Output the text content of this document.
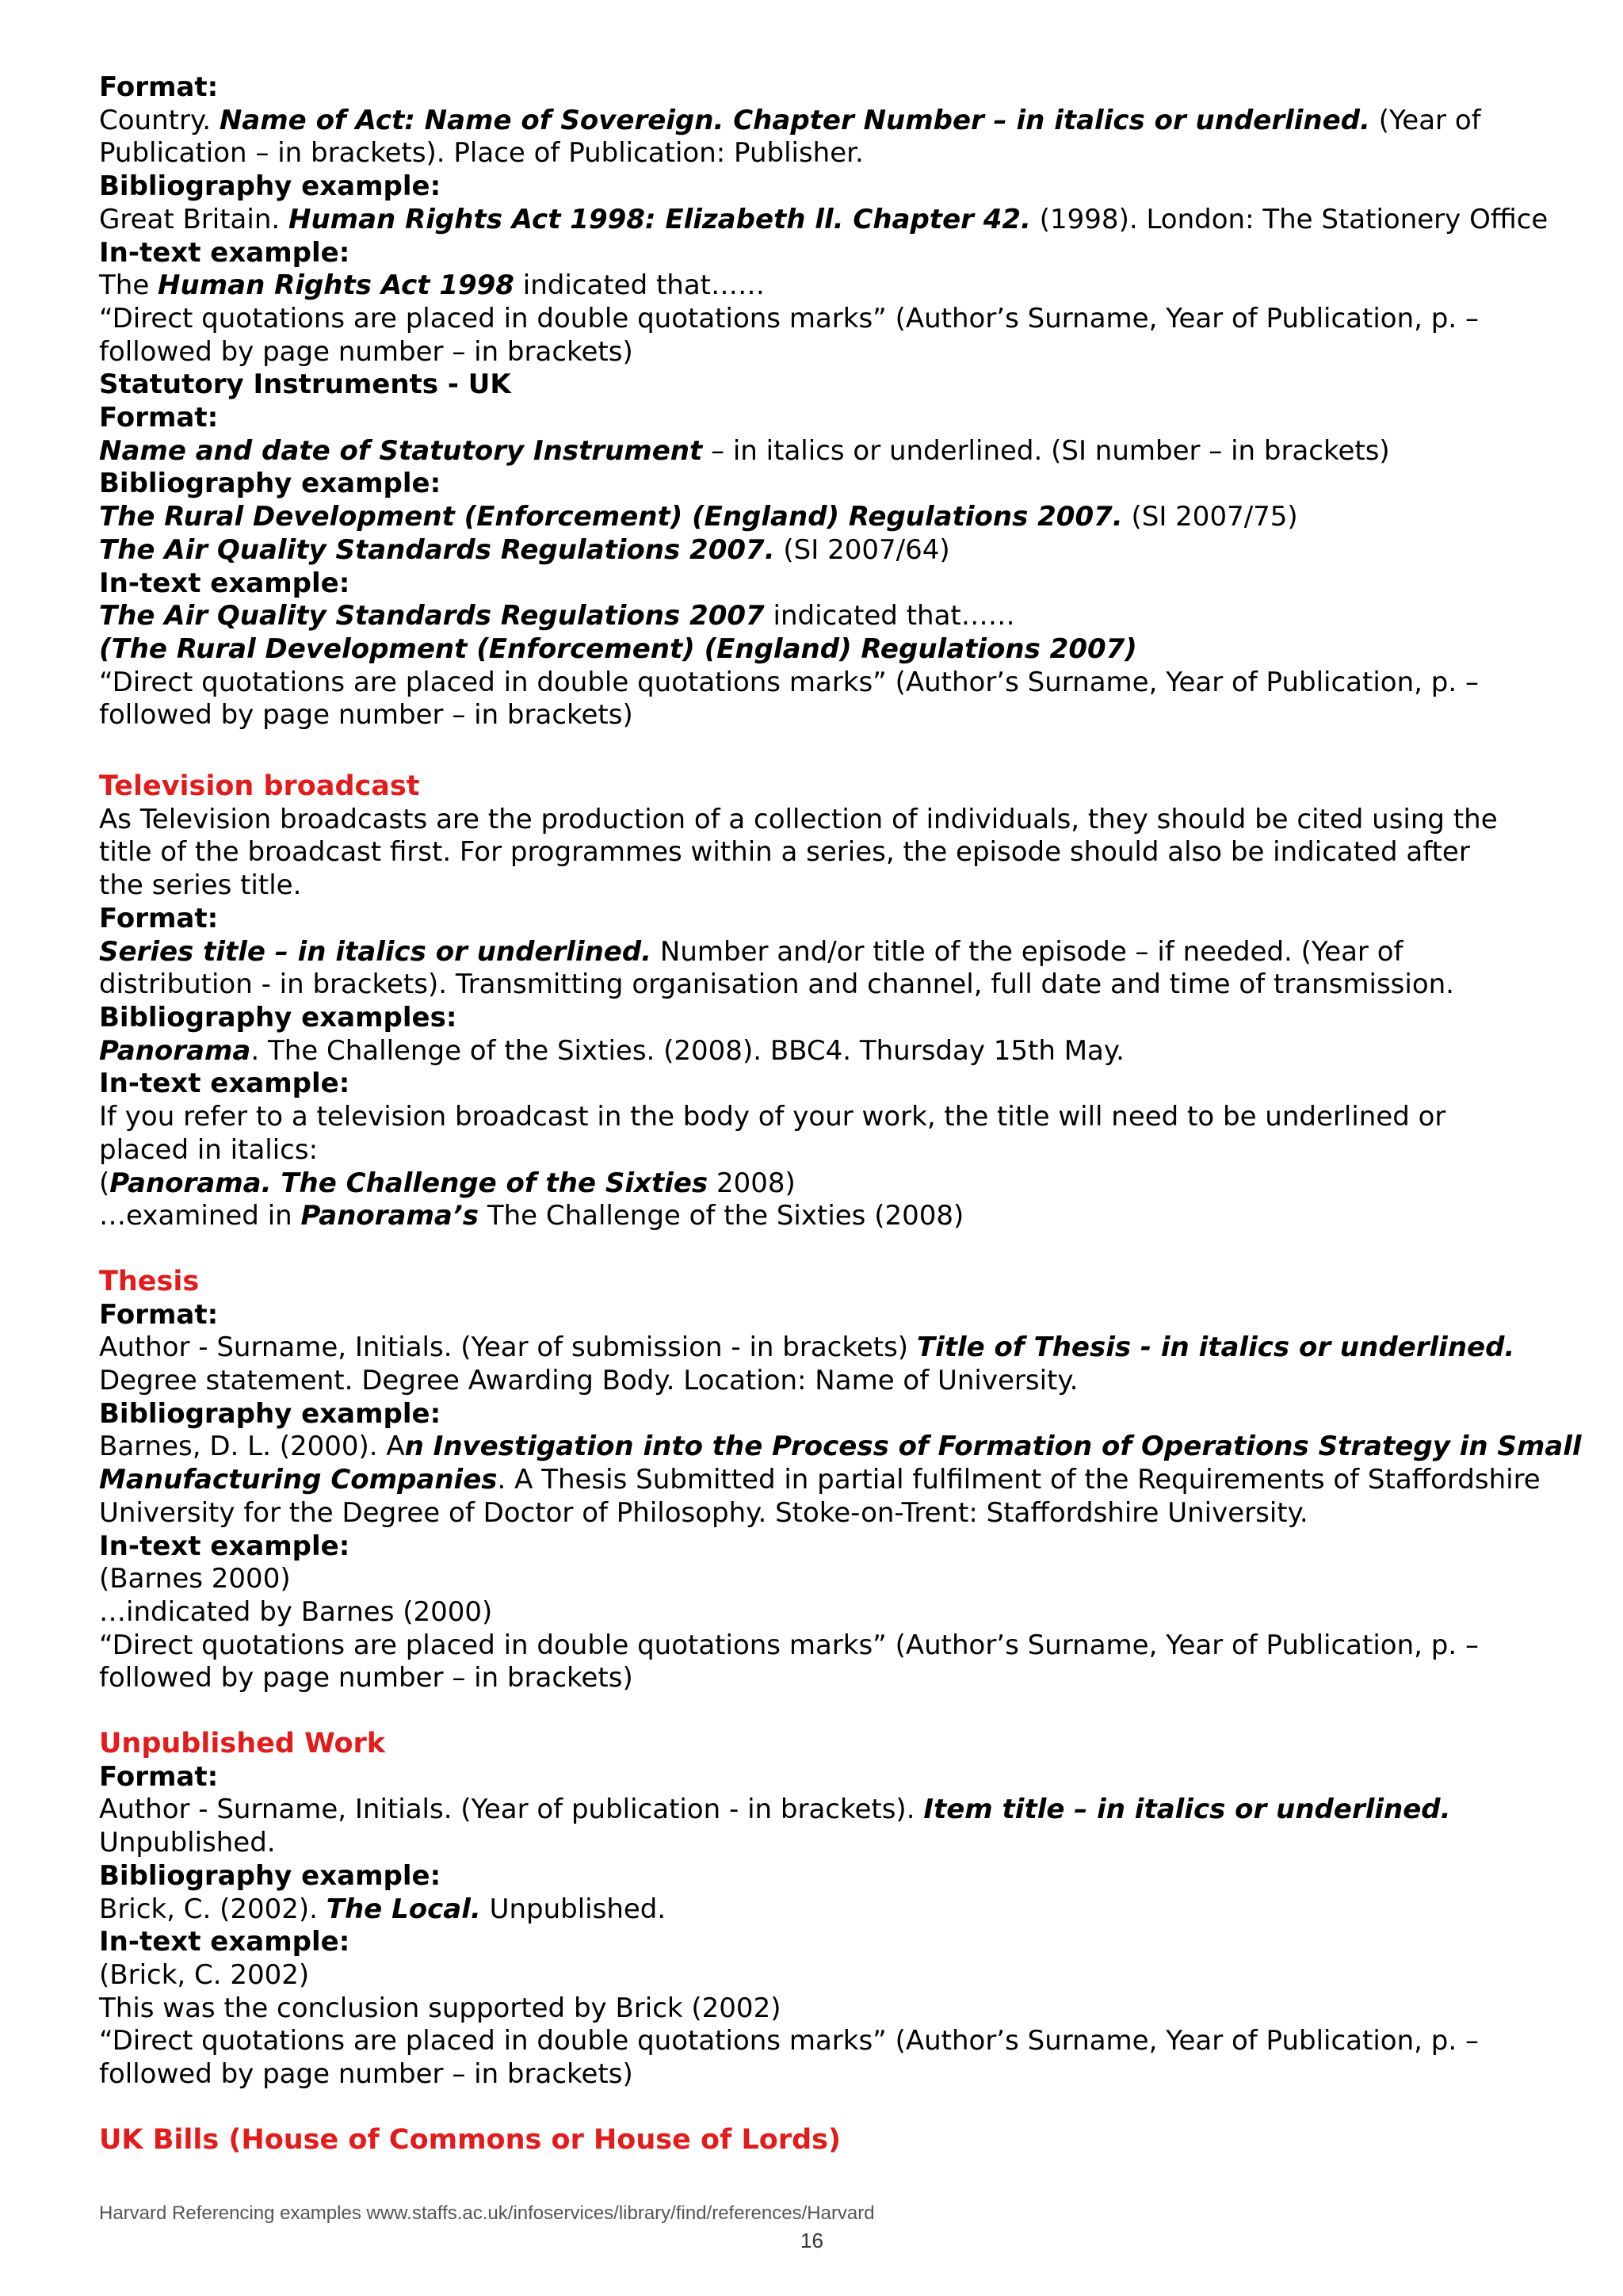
Format:

Country. Name of Act: Name of Sovereign. Chapter Number – in italics or underlined. (Year of

Publication – in brackets). Place of Publication: Publisher.

Bibliography example:

Great Britain. Human Rights Act 1998: Elizabeth ll. Chapter 42. (1998). London: The Stationery Office

In-text example:

The Human Rights Act 1998 indicated that……

“Direct quotations are placed in double quotations marks” (Author’s Surname, Year of Publication, p. –

followed by page number – in brackets)

Statutory Instruments - UK

Format:

Name and date of Statutory Instrument – in italics or underlined. (SI number – in brackets)

Bibliography example:

The Rural Development (Enforcement) (England) Regulations 2007. (SI 2007/75)

The Air Quality Standards Regulations 2007. (SI 2007/64)

In-text example:

The Air Quality Standards Regulations 2007 indicated that……

(The Rural Development (Enforcement) (England) Regulations 2007)

“Direct quotations are placed in double quotations marks” (Author’s Surname, Year of Publication, p. –

followed by page number – in brackets)

Television broadcast

As Television broadcasts are the production of a collection of individuals, they should be cited using the

title of the broadcast first. For programmes within a series, the episode should also be indicated after

the series title.

Format:

Series title – in italics or underlined. Number and/or title of the episode – if needed. (Year of

distribution - in brackets). Transmitting organisation and channel, full date and time of transmission.

Bibliography examples:

Panorama. The Challenge of the Sixties. (2008). BBC4. Thursday 15th May.

In-text example:

If you refer to a television broadcast in the body of your work, the title will need to be underlined or

placed in italics:

(Panorama. The Challenge of the Sixties 2008)

…examined in Panorama’s The Challenge of the Sixties (2008)

Thesis

Format:

Author - Surname, Initials. (Year of submission - in brackets) Title of Thesis - in italics or underlined.

Degree statement. Degree Awarding Body. Location: Name of University.

Bibliography example:

Barnes, D. L. (2000). An Investigation into the Process of Formation of Operations Strategy in Small

Manufacturing Companies. A Thesis Submitted in partial fulfilment of the Requirements of Staffordshire

University for the Degree of Doctor of Philosophy. Stoke-on-Trent: Staffordshire University.

In-text example:

(Barnes 2000)

…indicated by Barnes (2000)

“Direct quotations are placed in double quotations marks” (Author’s Surname, Year of Publication, p. –

followed by page number – in brackets)

Unpublished Work

Format:

Author - Surname, Initials. (Year of publication - in brackets). Item title – in italics or underlined.

Unpublished.

Bibliography example:

Brick, C. (2002). The Local. Unpublished.

In-text example:

(Brick, C. 2002)

This was the conclusion supported by Brick (2002)

“Direct quotations are placed in double quotations marks” (Author’s Surname, Year of Publication, p. –

followed by page number – in brackets)

UK Bills (House of Commons or House of Lords)

Harvard Referencing examples www.staffs.ac.uk/infoservices/library/find/references/Harvard
16
